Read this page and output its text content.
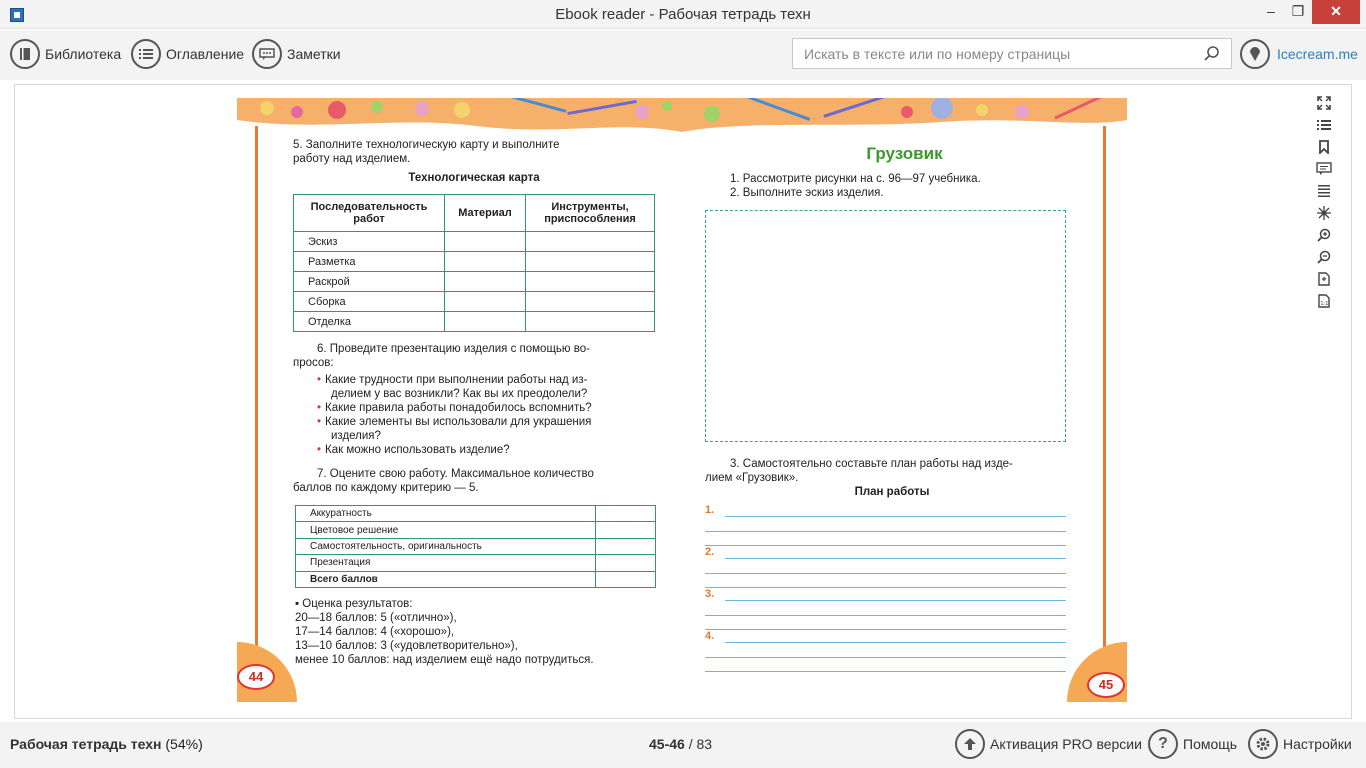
Ebook reader - Рабочая тетрадь техн	–	❐	✕
Библиотека	Оглавление	Заметки
Искать в тексте или по номеру страницы	Icecream.me
1:1
44
5. Заполните технологическую карту и выполните
работу над изделием.
Технологическая карта
Последовательность работ	Материал	Инструменты, приспособления
Эскиз		
Разметка		
Раскрой		
Сборка		
Отделка		
6. Проведите презентацию изделия с помощью во-
просов:
• Какие трудности при выполнении работы над из-
делием у вас возникли? Как вы их преодолели?
• Какие правила работы понадобилось вспомнить?
• Какие элементы вы использовали для украшения
изделия?
• Как можно использовать изделие?
7. Оцените свою работу. Максимальное количество
баллов по каждому критерию — 5.
Аккуратность	
Цветовое решение	
Самостоятельность, оригинальность	
Презентация	
Всего баллов	
▪ Оценка результатов:
20—18 баллов: 5 («отлично»),
17—14 баллов: 4 («хорошо»),
13—10 баллов: 3 («удовлетворительно»),
менее 10 баллов: над изделием ещё надо потрудиться.
45
Грузовик
1. Рассмотрите рисунки на с. 96—97 учебника.
2. Выполните эскиз изделия.
3. Самостоятельно составьте план работы над изде-
лием «Грузовик».
План работы
1.
2.
3.
4.
Рабочая тетрадь техн (54%)	45-46 / 83	Активация PRO версии ? Помощь	Настройки
